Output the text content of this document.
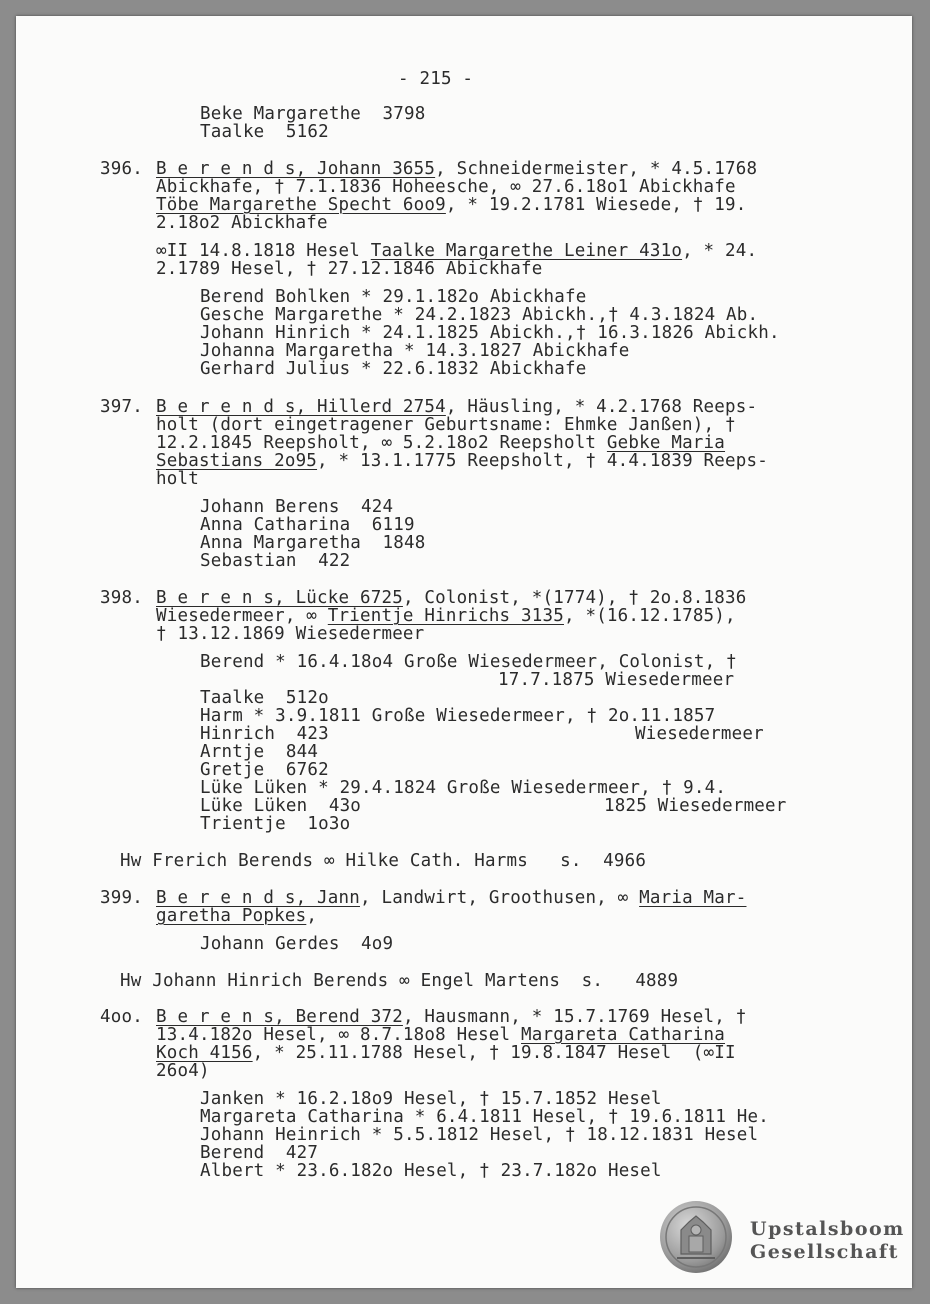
- 215 -
Beke Margarethe  3798
Taalke  5162
396. B e r e n d s, Johann 3655, Schneidermeister, * 4.5.1768
Abickhafe, † 7.1.1836 Hoheesche, ∞ 27.6.18o1 Abickhafe
Töbe Margarethe Specht 6oo9, * 19.2.1781 Wiesede, † 19.
2.18o2 Abickhafe
∞II 14.8.1818 Hesel Taalke Margarethe Leiner 431o, * 24.
2.1789 Hesel, † 27.12.1846 Abickhafe
Berend Bohlken * 29.1.182o Abickhafe
Gesche Margarethe * 24.2.1823 Abickh.,† 4.3.1824 Ab.
Johann Hinrich * 24.1.1825 Abickh.,† 16.3.1826 Abickh.
Johanna Margaretha * 14.3.1827 Abickhafe
Gerhard Julius * 22.6.1832 Abickhafe
397. B e r e n d s, Hillerd 2754, Häusling, * 4.2.1768 Reeps-
holt (dort eingetragener Geburtsname: Ehmke Janßen), †
12.2.1845 Reepsholt, ∞ 5.2.18o2 Reepsholt Gebke Maria
Sebastians 2o95, * 13.1.1775 Reepsholt, † 4.4.1839 Reeps-
holt
Johann Berens  424
Anna Catharina  6119
Anna Margaretha  1848
Sebastian  422
398. B e r e n s, Lücke 6725, Colonist, *(1774), † 2o.8.1836
Wiesedermeer, ∞ Trientje Hinrichs 3135, *(16.12.1785),
† 13.12.1869 Wiesedermeer
Berend * 16.4.18o4 Große Wiesedermeer, Colonist, †
17.7.1875 Wiesedermeer
Taalke  512o
Harm * 3.9.1811 Große Wiesedermeer, † 2o.11.1857
Hinrich  423	Wiesedermeer
Arntje  844
Gretje  6762
Lüke Lüken * 29.4.1824 Große Wiesedermeer, † 9.4.
Lüke Lüken  43o	1825 Wiesedermeer
Trientje  1o3o
Hw Frerich Berends ∞ Hilke Cath. Harms   s.  4966
399. B e r e n d s, Jann, Landwirt, Groothusen, ∞ Maria Mar-
garetha Popkes,
Johann Gerdes  4o9
Hw Johann Hinrich Berends ∞ Engel Martens  s.   4889
4oo. B e r e n s, Berend 372, Hausmann, * 15.7.1769 Hesel, †
13.4.182o Hesel, ∞ 8.7.18o8 Hesel Margareta Catharina
Koch 4156, * 25.11.1788 Hesel, † 19.8.1847 Hesel  (∞II
26o4)
Janken * 16.2.18o9 Hesel, † 15.7.1852 Hesel
Margareta Catharina * 6.4.1811 Hesel, † 19.6.1811 He.
Johann Heinrich * 5.5.1812 Hesel, † 18.12.1831 Hesel
Berend  427
Albert * 23.6.182o Hesel, † 23.7.182o Hesel
Upstalsboom
Gesellschaft
